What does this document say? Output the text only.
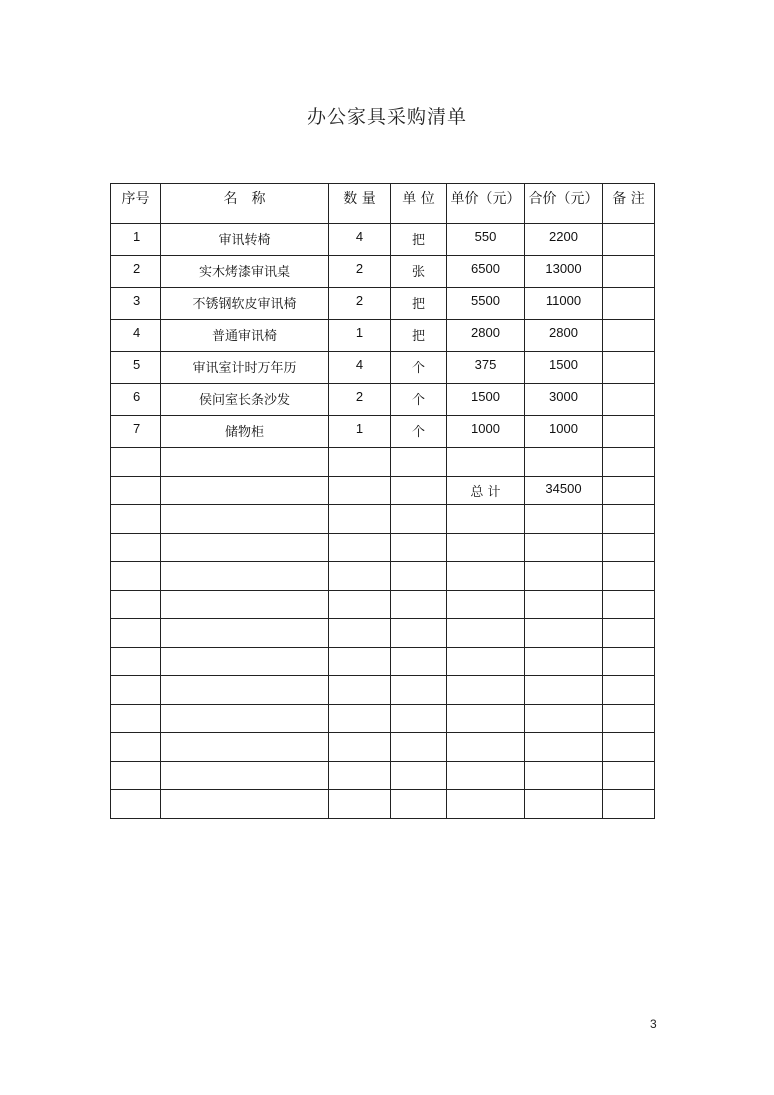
办公家具采购清单
序号	名　称	数 量	单 位	单价（元）	合价（元）	备 注
1	审讯转椅	4	把	550	2200	
2	实木烤漆审讯桌	2	张	6500	13000	
3	不锈钢软皮审讯椅	2	把	5500	11000	
4	普通审讯椅	1	把	2800	2800	
5	审讯室计时万年历	4	个	375	1500	
6	侯问室长条沙发	2	个	1500	3000	
7	储物柜	1	个	1000	1000	

				总 计	34500	

3
